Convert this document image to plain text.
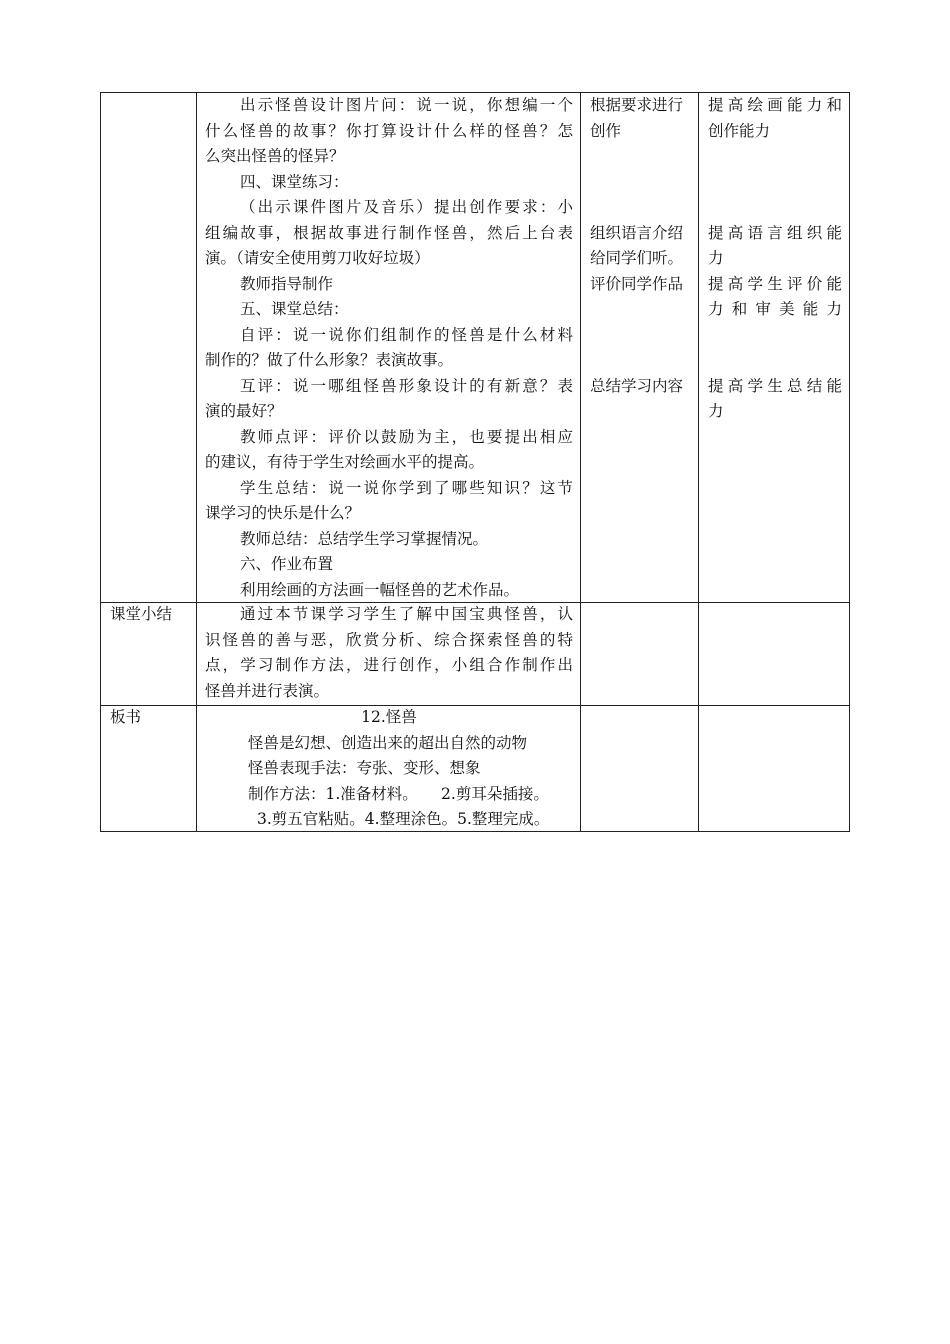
出示怪兽设计图片问：说一说，你想编一个
什么怪兽的故事？你打算设计什么样的怪兽？怎
么突出怪兽的怪异？
四、课堂练习：
（出示课件图片及音乐）提出创作要求：小
组编故事，根据故事进行制作怪兽，然后上台表
演。（请安全使用剪刀收好垃圾）
教师指导制作
五、课堂总结：
自评：说一说你们组制作的怪兽是什么材料
制作的？做了什么形象？表演故事。
互评：说一哪组怪兽形象设计的有新意？表
演的最好？
教师点评：评价以鼓励为主，也要提出相应
的建议，有待于学生对绘画水平的提高。
学生总结：说一说你学到了哪些知识？这节
课学习的快乐是什么？
教师总结：总结学生学习掌握情况。
六、作业布置
利用绘画的方法画一幅怪兽的艺术作品。
根据要求进行
创作
组织语言介绍
给同学们听。
评价同学作品
总结学习内容
提高绘画能力和
创作能力
提高语言组织能
力
提高学生评价能
力和审美能力
提高学生总结能
力
课堂小结	通过本节课学习学生了解中国宝典怪兽，认
识怪兽的善与恶，欣赏分析、综合探索怪兽的特
点，学习制作方法，进行创作，小组合作制作出
怪兽并进行表演。
板书	12.怪兽
怪兽是幻想、创造出来的超出自然的动物
怪兽表现手法：夸张、变形、想象
制作方法：1.准备材料。　　2.剪耳朵插接。
3.剪五官粘贴。4.整理涂色。5.整理完成。
